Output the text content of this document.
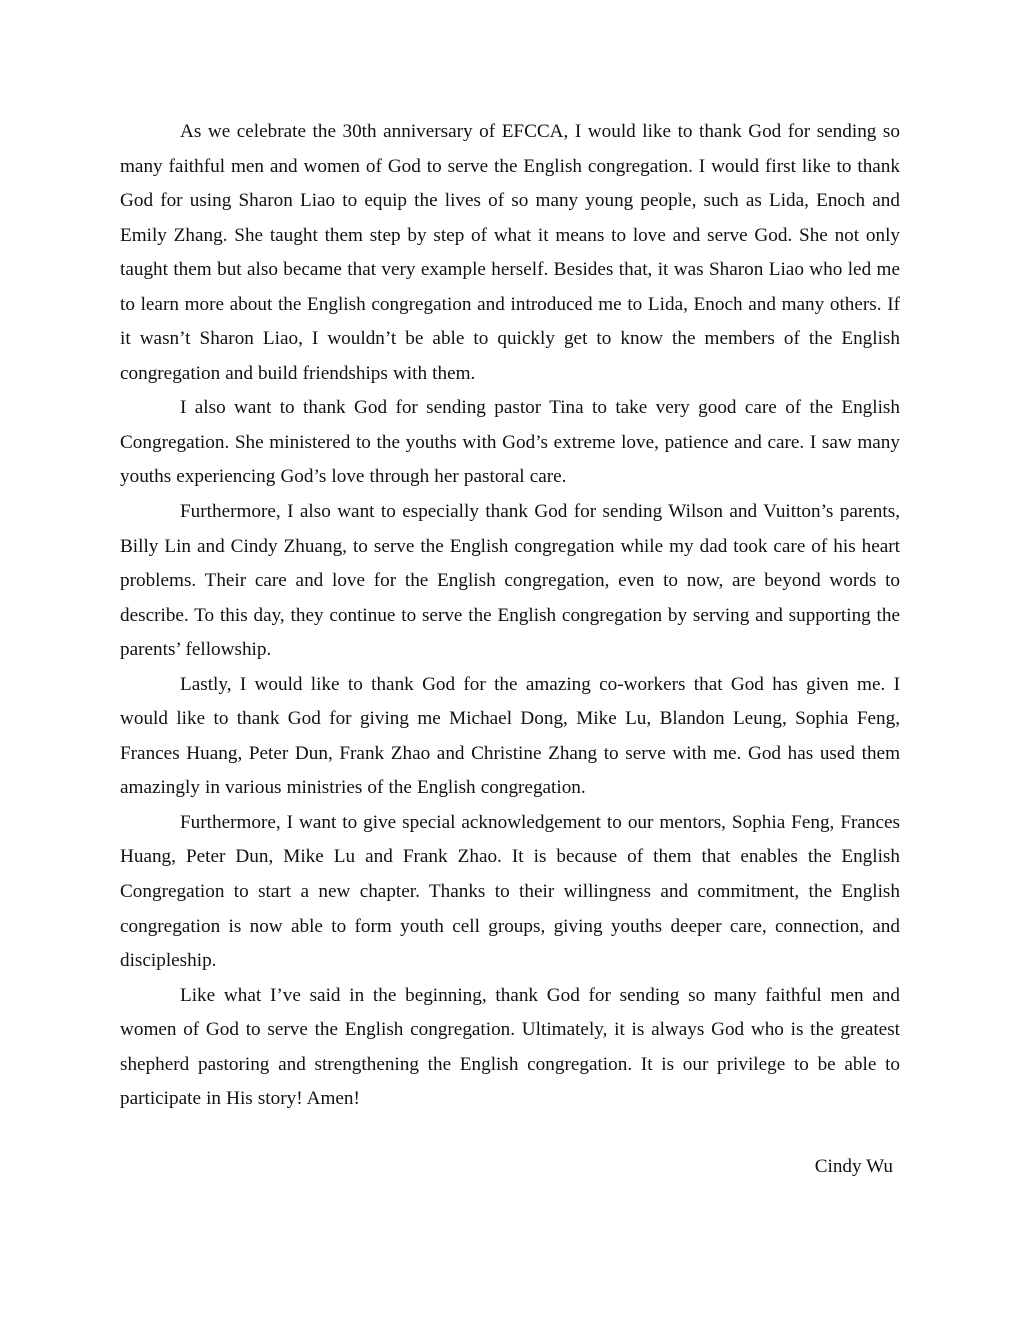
As we celebrate the 30th anniversary of EFCCA, I would like to thank God for sending so many faithful men and women of God to serve the English congregation. I would first like to thank God for using Sharon Liao to equip the lives of so many young people, such as Lida, Enoch and Emily Zhang. She taught them step by step of what it means to love and serve God. She not only taught them but also became that very example herself. Besides that, it was Sharon Liao who led me to learn more about the English congregation and introduced me to Lida, Enoch and many others. If it wasn’t Sharon Liao, I wouldn’t be able to quickly get to know the members of the English congregation and build friendships with them.

I also want to thank God for sending pastor Tina to take very good care of the English Congregation. She ministered to the youths with God’s extreme love, patience and care. I saw many youths experiencing God’s love through her pastoral care.

Furthermore, I also want to especially thank God for sending Wilson and Vuitton’s parents, Billy Lin and Cindy Zhuang, to serve the English congregation while my dad took care of his heart problems. Their care and love for the English congregation, even to now, are beyond words to describe. To this day, they continue to serve the English congregation by serving and supporting the parents’ fellowship.

Lastly, I would like to thank God for the amazing co-workers that God has given me. I would like to thank God for giving me Michael Dong, Mike Lu, Blandon Leung, Sophia Feng, Frances Huang, Peter Dun, Frank Zhao and Christine Zhang to serve with me. God has used them amazingly in various ministries of the English congregation.

Furthermore, I want to give special acknowledgement to our mentors, Sophia Feng, Frances Huang, Peter Dun, Mike Lu and Frank Zhao. It is because of them that enables the English Congregation to start a new chapter. Thanks to their willingness and commitment, the English congregation is now able to form youth cell groups, giving youths deeper care, connection, and discipleship.

Like what I’ve said in the beginning, thank God for sending so many faithful men and women of God to serve the English congregation. Ultimately, it is always God who is the greatest shepherd pastoring and strengthening the English congregation. It is our privilege to be able to participate in His story! Amen!

Cindy Wu
